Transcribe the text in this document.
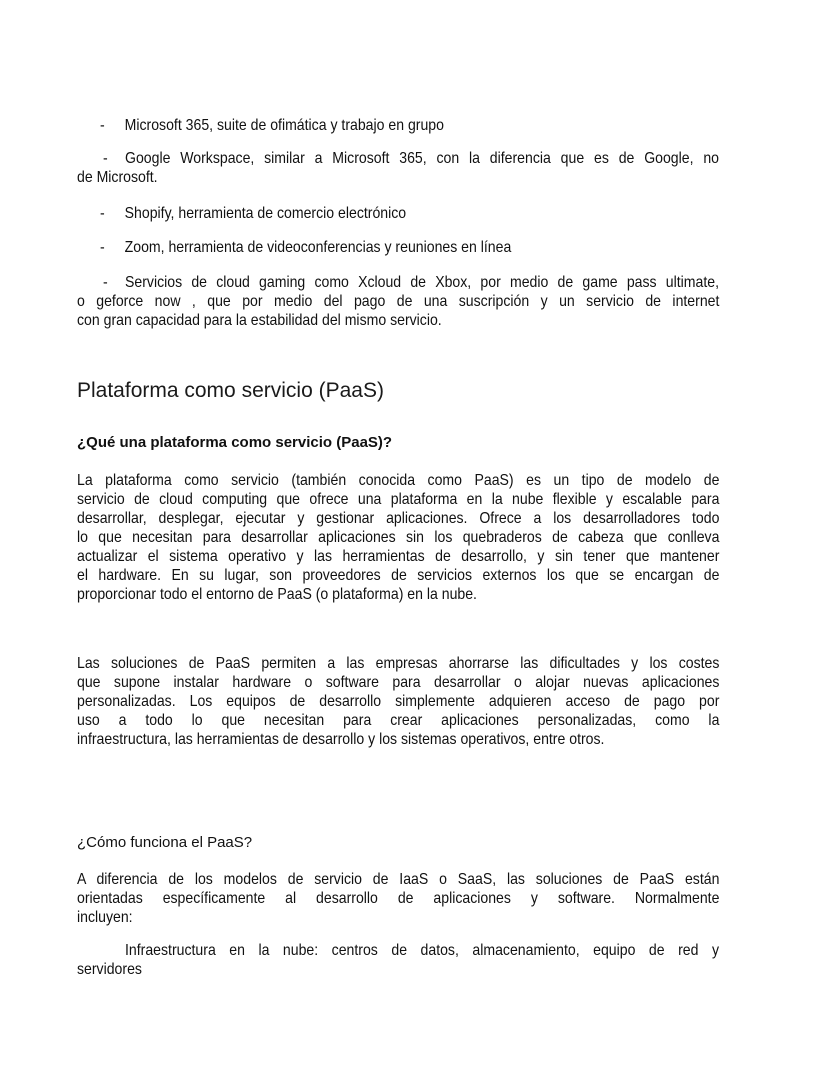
- Microsoft 365, suite de ofimática y trabajo en grupo
- Google Workspace, similar a Microsoft 365, con la diferencia que es de Google, no
de Microsoft.
- Shopify, herramienta de comercio electrónico
- Zoom, herramienta de videoconferencias y reuniones en línea
- Servicios de cloud gaming como Xcloud de Xbox, por medio de game pass ultimate,
o geforce now , que por medio del pago de una suscripción y un servicio de internet
con gran capacidad para la estabilidad del mismo servicio.
Plataforma como servicio (PaaS)
¿Qué una plataforma como servicio (PaaS)?
La plataforma como servicio (también conocida como PaaS) es un tipo de modelo de
servicio de cloud computing que ofrece una plataforma en la nube flexible y escalable para
desarrollar, desplegar, ejecutar y gestionar aplicaciones. Ofrece a los desarrolladores todo
lo que necesitan para desarrollar aplicaciones sin los quebraderos de cabeza que conlleva
actualizar el sistema operativo y las herramientas de desarrollo, y sin tener que mantener
el hardware. En su lugar, son proveedores de servicios externos los que se encargan de
proporcionar todo el entorno de PaaS (o plataforma) en la nube.
Las soluciones de PaaS permiten a las empresas ahorrarse las dificultades y los costes
que supone instalar hardware o software para desarrollar o alojar nuevas aplicaciones
personalizadas. Los equipos de desarrollo simplemente adquieren acceso de pago por
uso a todo lo que necesitan para crear aplicaciones personalizadas, como la
infraestructura, las herramientas de desarrollo y los sistemas operativos, entre otros.
¿Cómo funciona el PaaS?
A diferencia de los modelos de servicio de IaaS o SaaS, las soluciones de PaaS están
orientadas específicamente al desarrollo de aplicaciones y software. Normalmente
incluyen:
Infraestructura en la nube: centros de datos, almacenamiento, equipo de red y
servidores
